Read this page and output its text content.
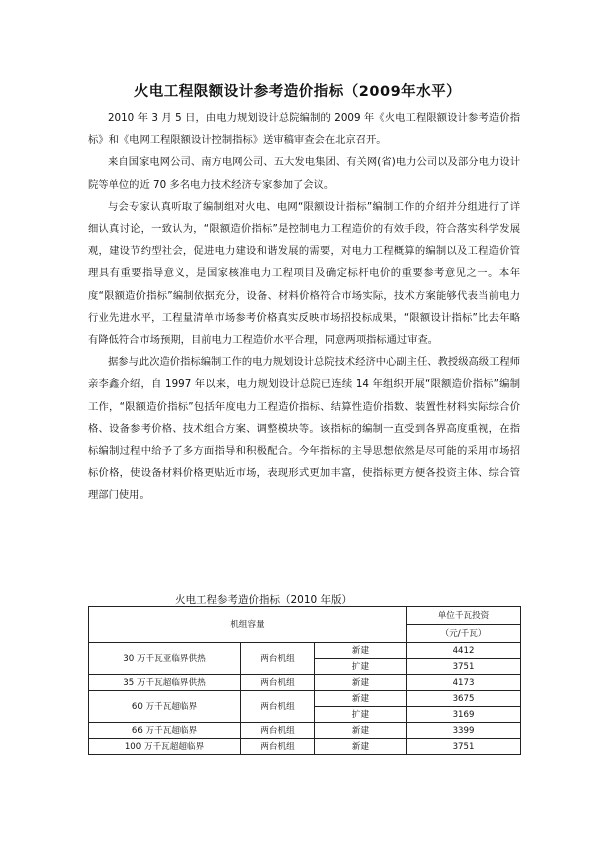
火电工程限额设计参考造价指标（2009年水平）

2010 年 3 月 5 日，由电力规划设计总院编制的 2009 年《火电工程限额设计参考造价指标》和《电网工程限额设计控制指标》送审稿审查会在北京召开。

来自国家电网公司、南方电网公司、五大发电集团、有关网(省)电力公司以及部分电力设计院等单位的近 70 多名电力技术经济专家参加了会议。

与会专家认真听取了编制组对火电、电网“限额设计指标”编制工作的介绍并分组进行了详细认真讨论，一致认为，“限额造价指标”是控制电力工程造价的有效手段，符合落实科学发展观，建设节约型社会，促进电力建设和谐发展的需要，对电力工程概算的编制以及工程造价管理具有重要指导意义，是国家核准电力工程项目及确定标杆电价的重要参考意见之一。本年度“限额造价指标”编制依据充分，设备、材料价格符合市场实际，技术方案能够代表当前电力行业先进水平，工程量清单市场参考价格真实反映市场招投标成果，“限额设计指标”比去年略有降低符合市场预期，目前电力工程造价水平合理，同意两项指标通过审查。

据参与此次造价指标编制工作的电力规划设计总院技术经济中心副主任、教授级高级工程师亲李鑫介绍，自 1997 年以来，电力规划设计总院已连续 14 年组织开展“限额造价指标”编制工作，“限额造价指标”包括年度电力工程造价指标、结算性造价指数、装置性材料实际综合价格、设备参考价格、技术组合方案、调整模块等。该指标的编制一直受到各界高度重视，在指标编制过程中给予了多方面指导和积极配合。今年指标的主导思想依然是尽可能的采用市场招标价格，使设备材料价格更贴近市场，表现形式更加丰富，使指标更方便各投资主体、综合管理部门使用。

火电工程参考造价指标（2010 年版）
机组容量			单位千瓦投资
			（元/千瓦）
30 万千瓦亚临界供热	两台机组	新建	4412
		扩建	3751
35 万千瓦超临界供热	两台机组	新建	4173
60 万千瓦超临界	两台机组	新建	3675
		扩建	3169
66 万千瓦超临界	两台机组	新建	3399
100 万千瓦超超临界	两台机组	新建	3751
